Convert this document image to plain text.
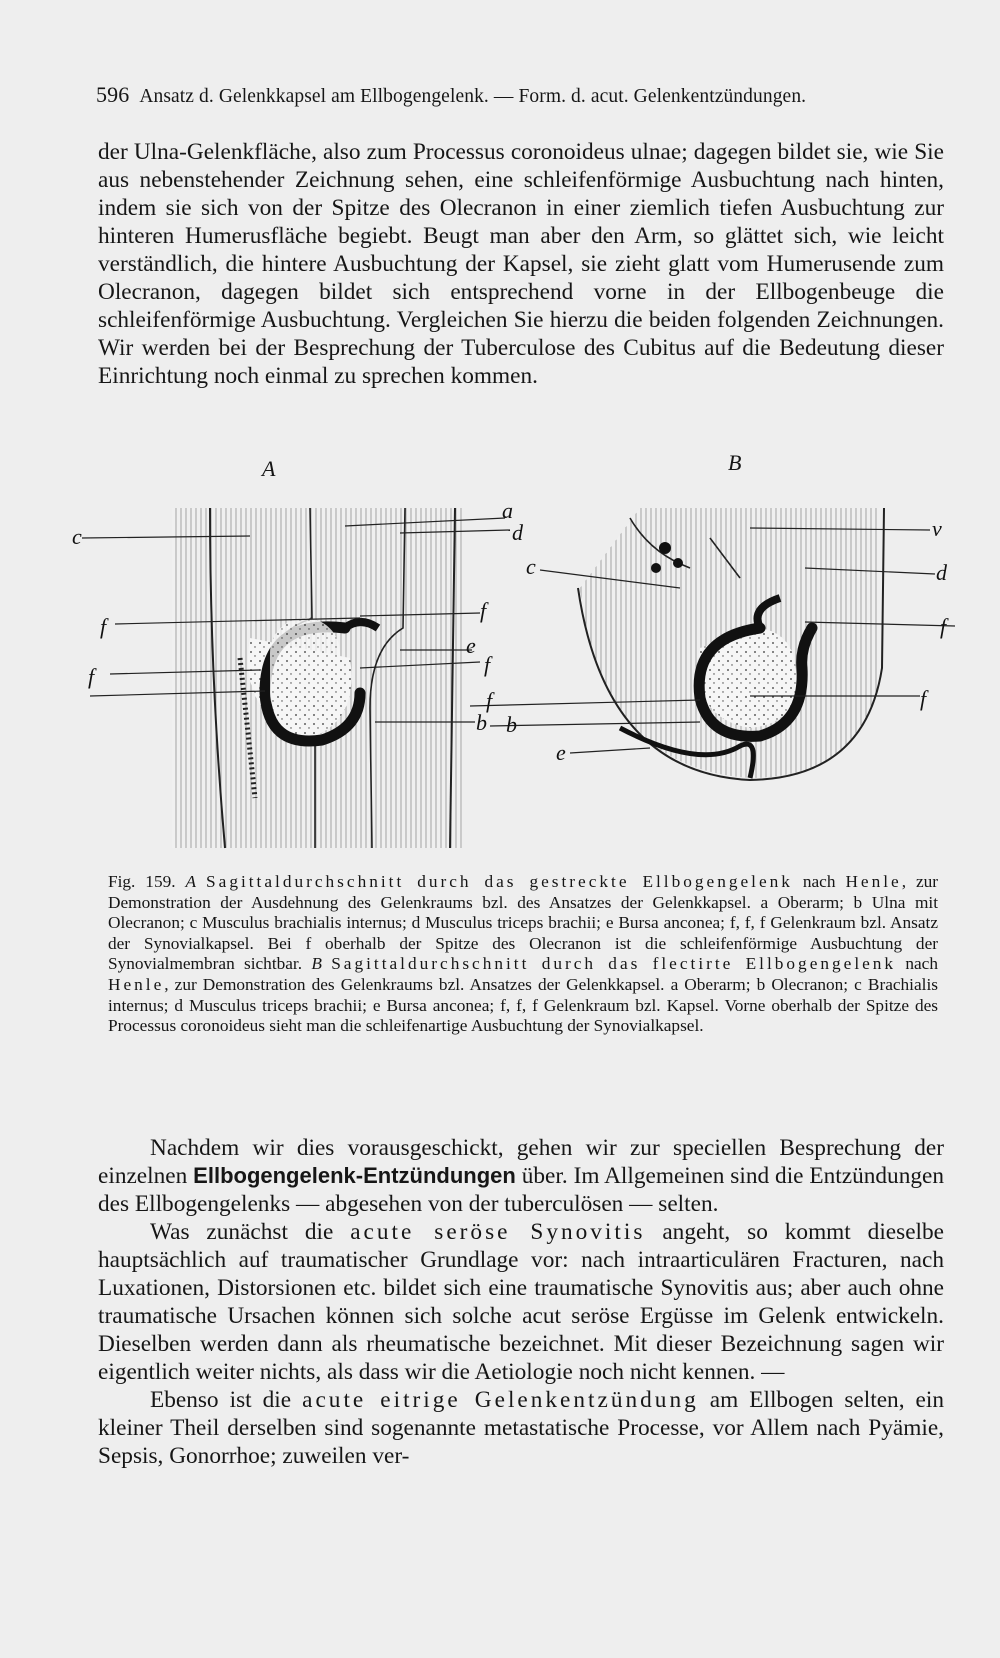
596 Ansatz d. Gelenkkapsel am Ellbogengelenk. — Form. d. acut. Gelenkentzündungen.

der Ulna-Gelenkfläche, also zum Processus coronoideus ulnae; dagegen bildet sie, wie Sie aus nebenstehender Zeichnung sehen, eine schleifenförmige Ausbuchtung nach hinten, indem sie sich von der Spitze des Olecranon in einer ziemlich tiefen Ausbuchtung zur hinteren Humerusfläche begiebt. Beugt man aber den Arm, so glättet sich, wie leicht verständlich, die hintere Ausbuchtung der Kapsel, sie zieht glatt vom Humerusende zum Olecranon, dagegen bildet sich entsprechend vorne in der Ellbogenbeuge die schleifenförmige Ausbuchtung. Vergleichen Sie hierzu die beiden folgenden Zeichnungen. Wir werden bei der Besprechung der Tuberculose des Cubitus auf die Bedeutung dieser Einrichtung noch einmal zu sprechen kommen.

A	B
c
a
d
f
f
f
e
f
b
v
d
c
f
f	f
b
e

Fig. 159. A Sagittaldurchschnitt durch das gestreckte Ellbogengelenk nach Henle, zur Demonstration der Ausdehnung des Gelenkraums bzl. des Ansatzes der Gelenkkapsel. a Oberarm; b Ulna mit Olecranon; c Musculus brachialis internus; d Musculus triceps brachii; e Bursa anconea; f, f, f Gelenkraum bzl. Ansatz der Synovialkapsel. Bei f oberhalb der Spitze des Olecranon ist die schleifenförmige Ausbuchtung der Synovialmembran sichtbar. B Sagittaldurchschnitt durch das flectirte Ellbogengelenk nach Henle, zur Demonstration des Gelenkraums bzl. Ansatzes der Gelenkkapsel. a Oberarm; b Olecranon; c Brachialis internus; d Musculus triceps brachii; e Bursa anconea; f, f, f Gelenkraum bzl. Kapsel. Vorne oberhalb der Spitze des Processus coronoideus sieht man die schleifenartige Ausbuchtung der Synovialkapsel.

Nachdem wir dies vorausgeschickt, gehen wir zur speciellen Besprechung der einzelnen Ellbogengelenk-Entzündungen über. Im Allgemeinen sind die Entzündungen des Ellbogengelenks — abgesehen von der tuberculösen — selten.

Was zunächst die acute seröse Synovitis angeht, so kommt dieselbe hauptsächlich auf traumatischer Grundlage vor: nach intraarticulären Fracturen, nach Luxationen, Distorsionen etc. bildet sich eine traumatische Synovitis aus; aber auch ohne traumatische Ursachen können sich solche acut seröse Ergüsse im Gelenk entwickeln. Dieselben werden dann als rheumatische bezeichnet. Mit dieser Bezeichnung sagen wir eigentlich weiter nichts, als dass wir die Aetiologie noch nicht kennen. —

Ebenso ist die acute eitrige Gelenkentzündung am Ellbogen selten, ein kleiner Theil derselben sind sogenannte metastatische Processe, vor Allem nach Pyämie, Sepsis, Gonorrhoe; zuweilen ver-
